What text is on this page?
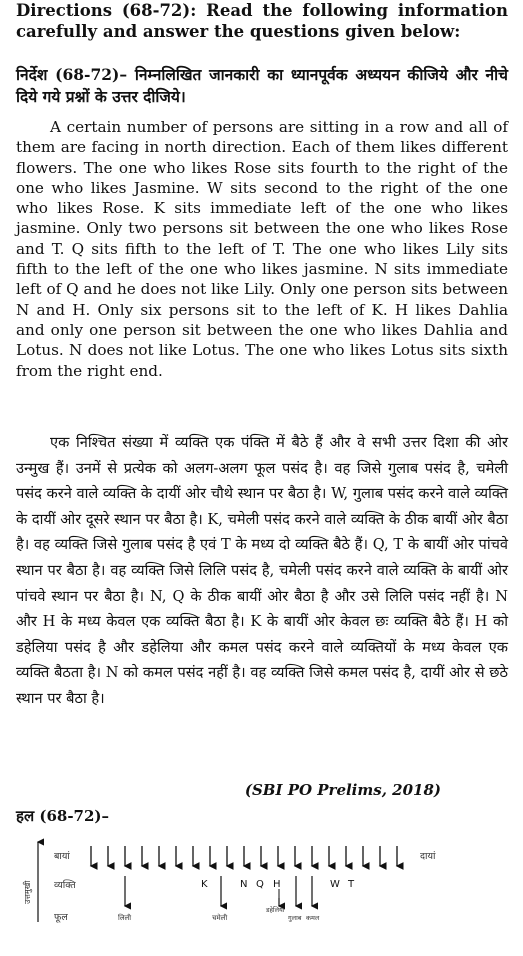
Directions (68-72): Read the following information carefully and answer the questions given below:
निर्देश (68-72)– निम्नलिखित जानकारी का ध्यानपूर्वक अध्ययन कीजिये और नीचे दिये गये प्रश्नों के उत्तर दीजिये।
A certain number of persons are sitting in a row and all of them are facing in north direction. Each of them likes different flowers. The one who likes Rose sits fourth to the right of the one who likes Jasmine. W sits second to the right of the one who likes Rose. K sits immediate left of the one who likes jasmine. Only two persons sit between the one who likes Rose and T. Q sits fifth to the left of T. The one who likes Lily sits fifth to the left of the one who likes jasmine. N sits immediate left of Q and he does not like Lily. Only one person sits between N and H. Only six persons sit to the left of K. H likes Dahlia and only one person sit between the one who likes Dahlia and Lotus. N does not like Lotus. The one who likes Lotus sits sixth from the right end.
एक निश्चित संख्या में व्यक्ति एक पंक्ति में बैठे हैं और वे सभी उत्तर दिशा की ओर उन्मुख हैं। उनमें से प्रत्येक को अलग-अलग फूल पसंद है। वह जिसे गुलाब पसंद है, चमेली पसंद करने वाले व्यक्ति के दायीं ओर चौथे स्थान पर बैठा है। W, गुलाब पसंद करने वाले व्यक्ति के दायीं ओर दूसरे स्थान पर बैठा है। K, चमेली पसंद करने वाले व्यक्ति के ठीक बायीं ओर बैठा है। वह व्यक्ति जिसे गुलाब पसंद है एवं T के मध्य दो व्यक्ति बैठे हैं। Q, T के बायीं ओर पांचवे स्थान पर बैठा है। वह व्यक्ति जिसे लिलि पसंद है, चमेली पसंद करने वाले व्यक्ति के बायीं ओर पांचवे स्थान पर बैठा है। N, Q के ठीक बायीं ओर बैठा है और उसे लिलि पसंद नहीं है। N और H के मध्य केवल एक व्यक्ति बैठा है। K के बायीं ओर केवल छः व्यक्ति बैठे हैं। H को डहेलिया पसंद है और डहेलिया और कमल पसंद करने वाले व्यक्तियों के मध्य केवल एक व्यक्ति बैठता है। N को कमल पसंद नहीं है। वह व्यक्ति जिसे कमल पसंद है, दायीं ओर से छठे स्थान पर बैठा है।
(SBI PO Prelims, 2018)
हल (68-72)–
उत्तमुखी
बायां
व्यक्ति
फूल
दायां
K	N Q H	W T
लिली	चमेली
डहेलिया
गुलाब कमल
